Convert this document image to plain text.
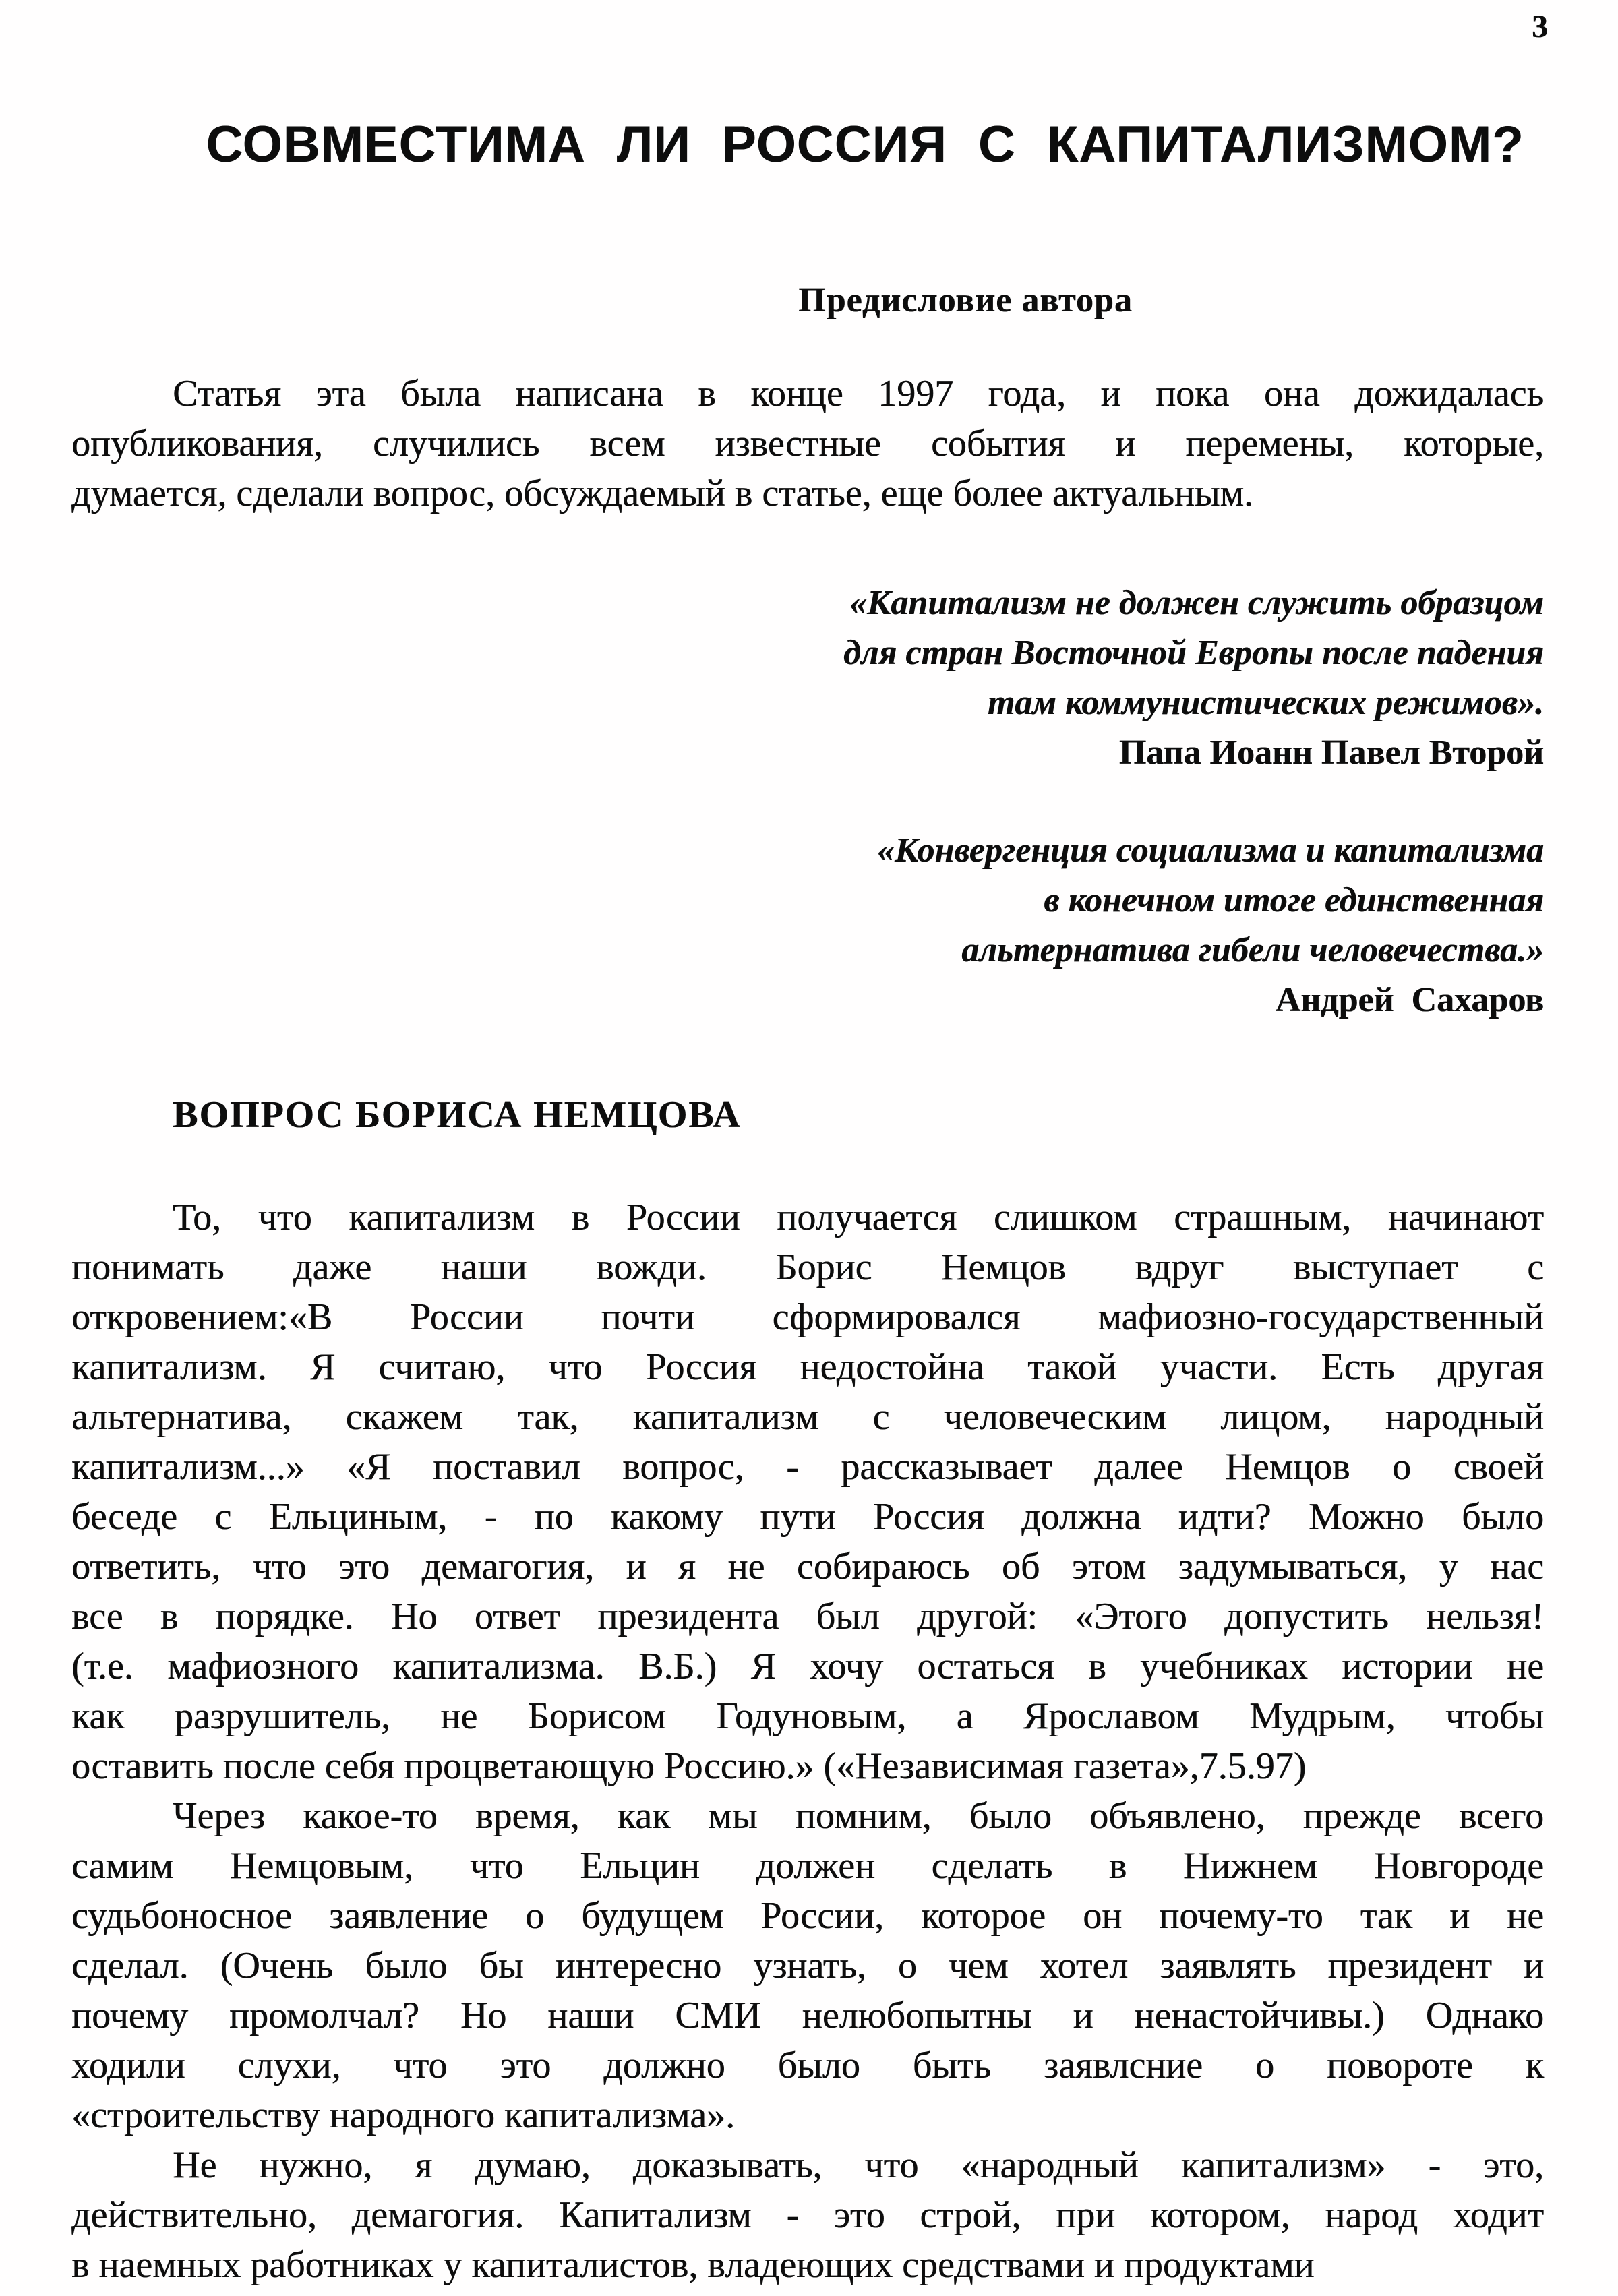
3
СОВМЕСТИМА ЛИ РОССИЯ С КАПИТАЛИЗМОМ?
Предисловие автора
Статья эта была написана в конце 1997 года, и пока она дожидалась
опубликования, случились всем известные события и перемены, которые,
думается, сделали вопрос, обсуждаемый в статье, еще более актуальным.
«Капитализм не должен служить образцом
для стран Восточной Европы после падения
там коммунистических режимов».
Папа Иоанн Павел Второй
«Конвергенция социализма и капитализма
в конечном итоге единственная
альтернатива гибели человечества.»
Андрей  Сахаров
ВОПРОС БОРИСА НЕМЦОВА
То, что капитализм в России получается слишком страшным, начинают
понимать даже наши вожди. Борис Немцов вдруг выступает с
откровением:«В России почти сформировался мафиозно-государственный
капитализм. Я считаю, что Россия недостойна такой участи. Есть другая
альтернатива, скажем так, капитализм с человеческим лицом, народный
капитализм...» «Я поставил вопрос, - рассказывает далее Немцов о своей
беседе с Ельциным, - по какому пути Россия должна идти? Можно было
ответить, что это демагогия, и я не собираюсь об этом задумываться, у нас
все в порядке. Но ответ президента был другой: «Этого допустить нельзя!
(т.е. мафиозного капитализма. В.Б.) Я хочу остаться в учебниках истории не
как разрушитель, не Борисом Годуновым, а Ярославом Мудрым, чтобы
оставить после себя процветающую Россию.» («Независимая газета»,7.5.97)
Через какое-то время, как мы помним, было объявлено, прежде всего
самим Немцовым, что Ельцин должен сделать в Нижнем Новгороде
судьбоносное заявление о будущем России, которое он почему-то так и не
сделал. (Очень было бы интересно узнать, о чем хотел заявлять президент и
почему промолчал? Но наши СМИ нелюбопытны и ненастойчивы.) Однако
ходили слухи, что это должно было быть заявлсние о повороте к
«строительству народного капитализма».
Не нужно, я думаю, доказывать, что «народный капитализм» - это,
действительно, демагогия. Капитализм - это строй, при котором, народ ходит
в наемных работниках у капиталистов, владеющих средствами и продуктами
